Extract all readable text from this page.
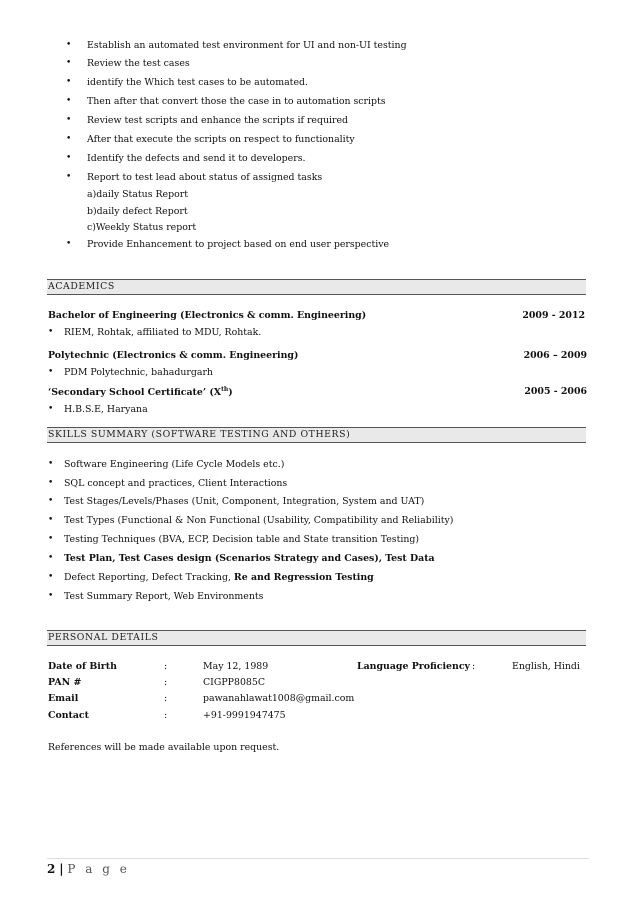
•
Establish an automated test environment for UI and non-UI testing
•
Review the test cases
•
identify the Which test cases to be automated.
•
Then after that convert those the case in to automation scripts
•
Review test scripts and enhance the scripts if required
•
After that execute the scripts on respect to functionality
•
Identify the defects and send it to developers.
•
Report to test lead about status of assigned tasks
a)daily Status Report
b)daily defect Report
c)Weekly Status report
•
Provide Enhancement to project based on end user perspective
ACADEMICS
Bachelor of Engineering (Electronics & comm. Engineering)	2009 - 2012
•
RIEM, Rohtak, affiliated to MDU, Rohtak.
Polytechnic (Electronics & comm. Engineering)	2006 – 2009
•
PDM Polytechnic, bahadurgarh
‘Secondary School Certificate’ (Xth)	2005 - 2006
•
H.B.S.E, Haryana
SKILLS SUMMARY (SOFTWARE TESTING AND OTHERS)
•
Software Engineering (Life Cycle Models etc.)
•
SQL concept and practices, Client Interactions
•
Test Stages/Levels/Phases (Unit, Component, Integration, System and UAT)
•
Test Types (Functional & Non Functional (Usability, Compatibility and Reliability)
•
Testing Techniques (BVA, ECP, Decision table and State transition Testing)
•
Test Plan, Test Cases design (Scenarios Strategy and Cases), Test Data
•
Defect Reporting, Defect Tracking, Re and Regression Testing
•
Test Summary Report, Web Environments
PERSONAL DETAILS
Date of Birth	:	May 12, 1989	Language Proficiency :	English, Hindi
PAN #	:	CIGPP8085C
Email	:	pawanahlawat1008@gmail.com
Contact	:	+91-9991947475
References will be made available upon request.
2 | P a g e
